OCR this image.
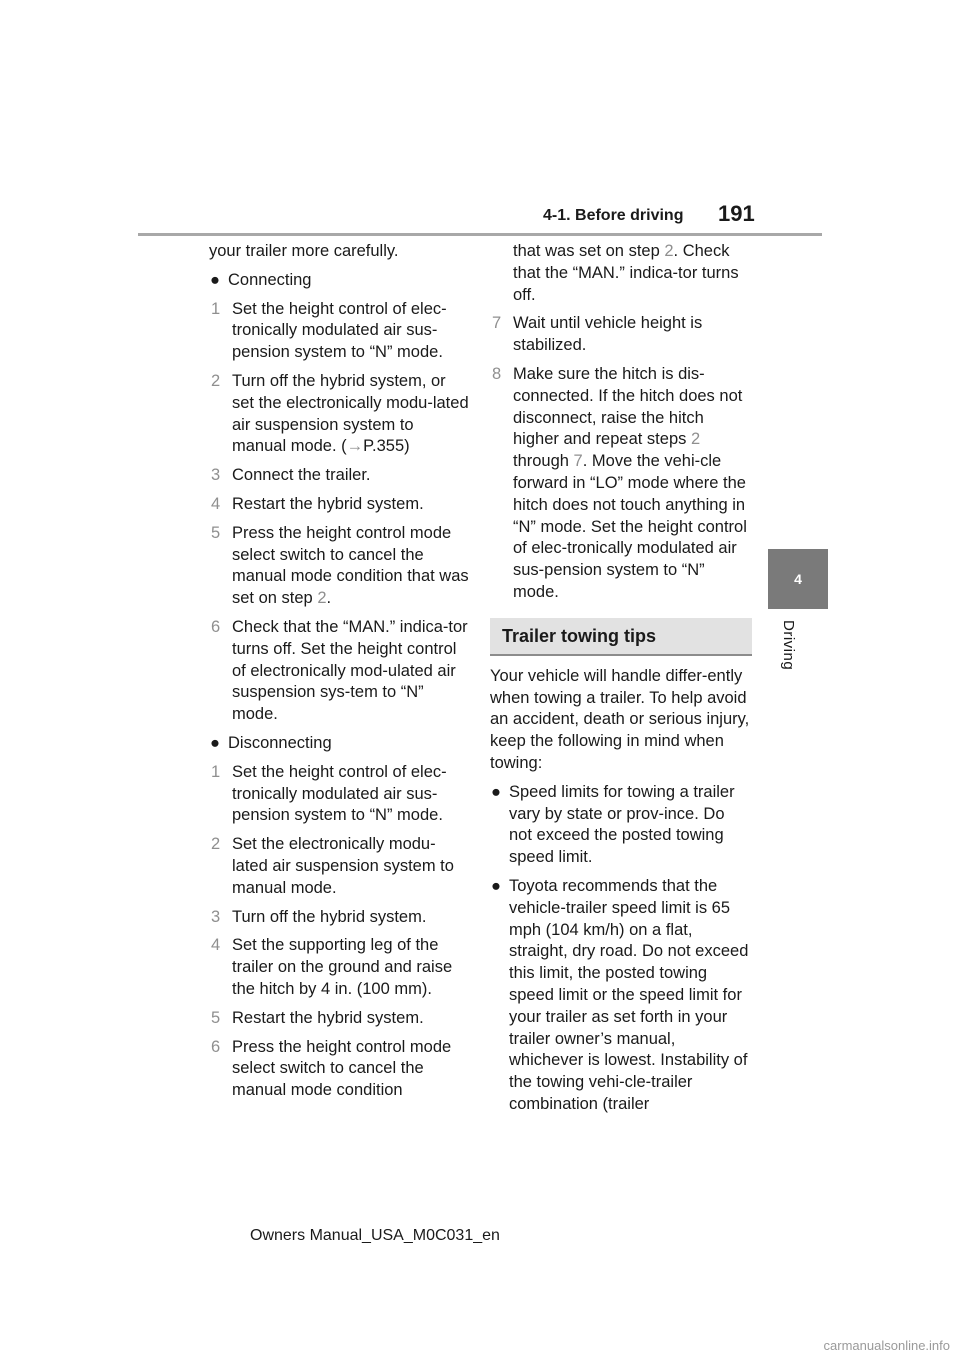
4-1. Before driving 191
4
Driving

your trailer more carefully.

● Connecting
1 Set the height control of elec-tronically modulated air sus-pension system to “N” mode.
2 Turn off the hybrid system, or set the electronically modu-lated air suspension system to manual mode. (→P.355)
3 Connect the trailer.
4 Restart the hybrid system.
5 Press the height control mode select switch to cancel the manual mode condition that was set on step 2.
6 Check that the “MAN.” indica-tor turns off. Set the height control of electronically mod-ulated air suspension sys-tem to “N” mode.
● Disconnecting
1 Set the height control of elec-tronically modulated air sus-pension system to “N” mode.
2 Set the electronically modu-lated air suspension system to manual mode.
3 Turn off the hybrid system.
4 Set the supporting leg of the trailer on the ground and raise the hitch by 4 in. (100 mm).
5 Restart the hybrid system.
6 Press the height control mode select switch to cancel the manual mode condition
that was set on step 2. Check that the “MAN.” indica-tor turns off.
7 Wait until vehicle height is stabilized.
8 Make sure the hitch is dis-connected. If the hitch does not disconnect, raise the hitch higher and repeat steps 2 through 7. Move the vehi-cle forward in “LO” mode where the hitch does not touch anything in “N” mode. Set the height control of elec-tronically modulated air sus-pension system to “N” mode.
Trailer towing tips

Your vehicle will handle differ-ently when towing a trailer. To help avoid an accident, death or serious injury, keep the following in mind when towing:

● Speed limits for towing a trailer vary by state or prov-ince. Do not exceed the posted towing speed limit.
● Toyota recommends that the vehicle-trailer speed limit is 65 mph (104 km/h) on a flat, straight, dry road. Do not exceed this limit, the posted towing speed limit or the speed limit for your trailer as set forth in your trailer owner’s manual, whichever is lowest. Instability of the towing vehi-cle-trailer combination (trailer
Owners Manual_USA_M0C031_en
carmanualsonline.info
